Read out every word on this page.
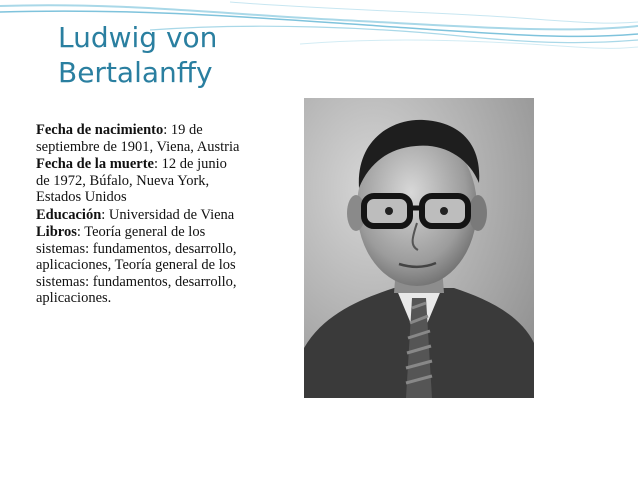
Ludwig von
Bertalanffy

Fecha de nacimiento: 19 de septiembre de 1901, Viena, Austria

Fecha de la muerte: 12 de junio de 1972, Búfalo, Nueva York, Estados Unidos

Educación: Universidad de Viena

Libros: Teoría general de los sistemas: fundamentos, desarrollo, aplicaciones, Teoría general de los sistemas: fundamentos, desarrollo, aplicaciones.
